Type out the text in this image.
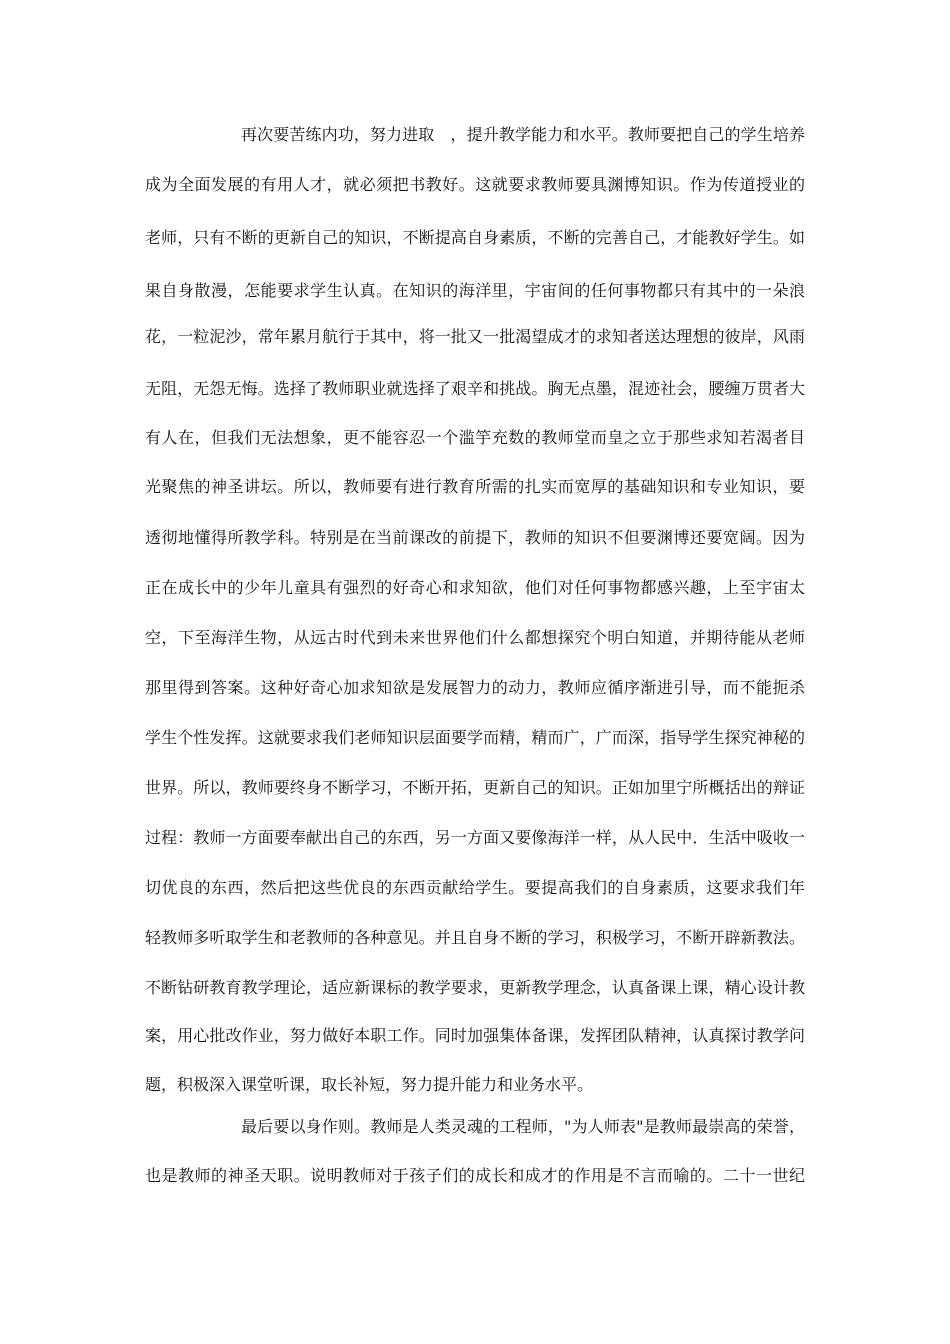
再次要苦练内功，努力进取　，提升教学能力和水平。教师要把自己的学生培养
成为全面发展的有用人才，就必须把书教好。这就要求教师要具渊博知识。作为传道授业的
老师，只有不断的更新自己的知识，不断提高自身素质，不断的完善自己，才能教好学生。如
果自身散漫，怎能要求学生认真。在知识的海洋里，宇宙间的任何事物都只有其中的一朵浪
花，一粒泥沙，常年累月航行于其中，将一批又一批渴望成才的求知者送达理想的彼岸，风雨
无阻，无怨无悔。选择了教师职业就选择了艰辛和挑战。胸无点墨，混迹社会，腰缠万贯者大
有人在，但我们无法想象，更不能容忍一个滥竽充数的教师堂而皇之立于那些求知若渴者目
光聚焦的神圣讲坛。所以，教师要有进行教育所需的扎实而宽厚的基础知识和专业知识，要
透彻地懂得所教学科。特别是在当前课改的前提下，教师的知识不但要渊博还要宽阔。因为
正在成长中的少年儿童具有强烈的好奇心和求知欲，他们对任何事物都感兴趣，上至宇宙太
空，下至海洋生物，从远古时代到未来世界他们什么都想探究个明白知道，并期待能从老师
那里得到答案。这种好奇心加求知欲是发展智力的动力，教师应循序渐进引导，而不能扼杀
学生个性发挥。这就要求我们老师知识层面要学而精，精而广，广而深，指导学生探究神秘的
世界。所以，教师要终身不断学习，不断开拓，更新自己的知识。正如加里宁所概括出的辩证
过程：教师一方面要奉献出自己的东西，另一方面又要像海洋一样，从人民中．生活中吸收一
切优良的东西，然后把这些优良的东西贡献给学生。要提高我们的自身素质，这要求我们年
轻教师多听取学生和老教师的各种意见。并且自身不断的学习，积极学习，不断开辟新教法。
不断钻研教育教学理论，适应新课标的教学要求，更新教学理念，认真备课上课，精心设计教
案，用心批改作业，努力做好本职工作。同时加强集体备课，发挥团队精神，认真探讨教学问
题，积极深入课堂听课，取长补短，努力提升能力和业务水平。
最后要以身作则。教师是人类灵魂的工程师，"为人师表"是教师最崇高的荣誉，
也是教师的神圣天职。说明教师对于孩子们的成长和成才的作用是不言而喻的。二十一世纪
